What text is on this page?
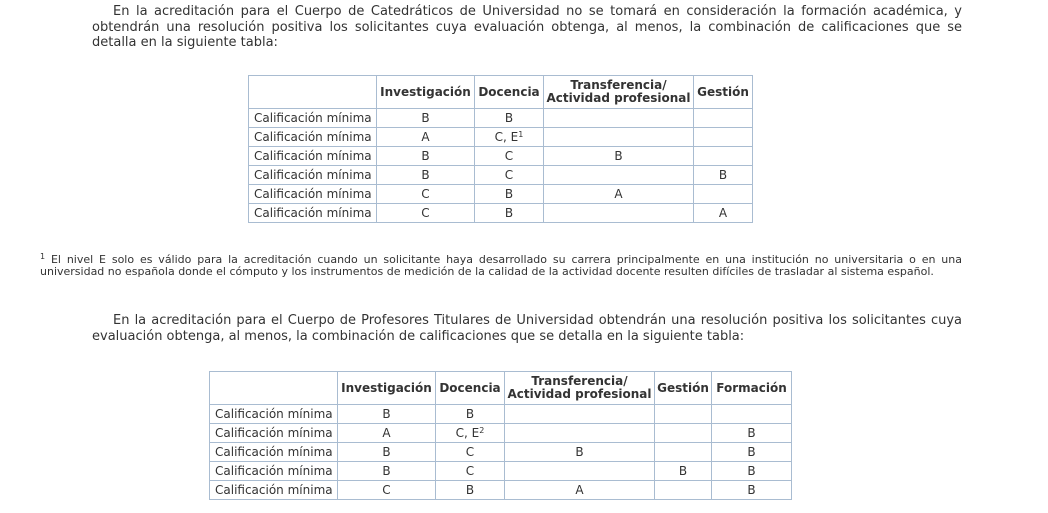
En la acreditación para el Cuerpo de Catedráticos de Universidad no se tomará en consideración la formación académica, y obtendrán una resolución positiva los solicitantes cuya evaluación obtenga, al menos, la combinación de calificaciones que se detalla en la siguiente tabla:

	Investigación	Docencia	Transferencia/
Actividad profesional	Gestión
Calificación mínima	B	B		
Calificación mínima	A	C, $E^1$		
Calificación mínima	B	C	B	
Calificación mínima	B	C		B
Calificación mínima	C	B	A	
Calificación mínima	C	B		A

$^1$ El nivel E solo es válido para la acreditación cuando un solicitante haya desarrollado su carrera principalmente en una institución no universitaria o en una universidad no española donde el cómputo y los instrumentos de medición de la calidad de la actividad docente resulten difíciles de trasladar al sistema español.

En la acreditación para el Cuerpo de Profesores Titulares de Universidad obtendrán una resolución positiva los solicitantes cuya evaluación obtenga, al menos, la combinación de calificaciones que se detalla en la siguiente tabla:

	Investigación	Docencia	Transferencia/
Actividad profesional	Gestión	Formación
Calificación mínima	B	B			
Calificación mínima	A	C, $E^2$			B
Calificación mínima	B	C	B		B
Calificación mínima	B	C		B	B
Calificación mínima	C	B	A		B
